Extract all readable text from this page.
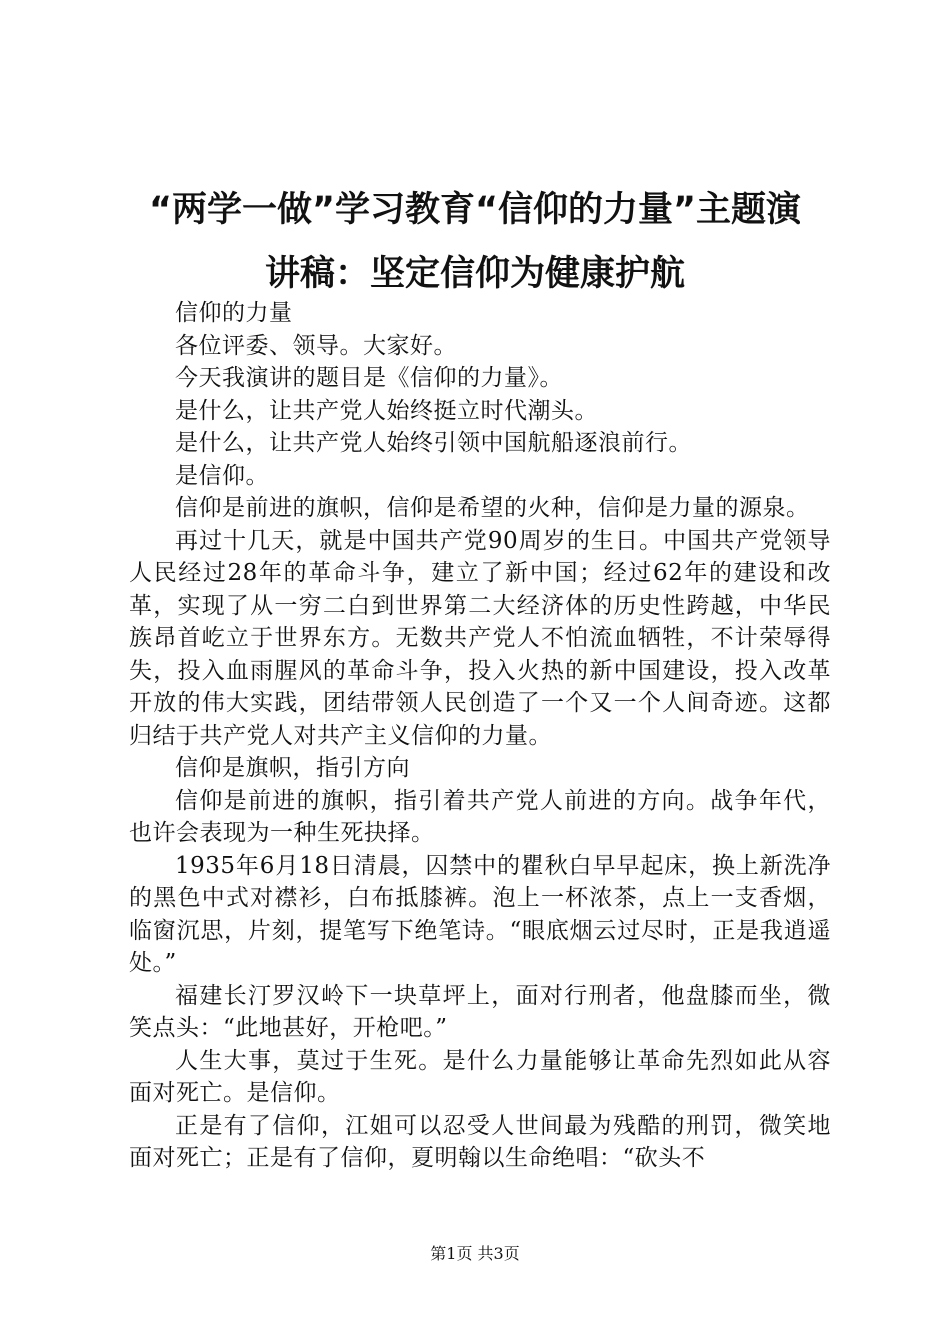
“两学一做”学习教育“信仰的力量”主题演
讲稿：坚定信仰为健康护航

信仰的力量

各位评委、领导。大家好。

今天我演讲的题目是《信仰的力量》。

是什么，让共产党人始终挺立时代潮头。

是什么，让共产党人始终引领中国航船逐浪前行。

是信仰。

信仰是前进的旗帜，信仰是希望的火种，信仰是力量的源泉。

再过十几天，就是中国共产党90周岁的生日。中国共产党领导人民经过28年的革命斗争，建立了新中国；经过62年的建设和改革，实现了从一穷二白到世界第二大经济体的历史性跨越，中华民族昂首屹立于世界东方。无数共产党人不怕流血牺牲，不计荣辱得失，投入血雨腥风的革命斗争，投入火热的新中国建设，投入改革开放的伟大实践，团结带领人民创造了一个又一个人间奇迹。这都归结于共产党人对共产主义信仰的力量。

信仰是旗帜，指引方向

信仰是前进的旗帜，指引着共产党人前进的方向。战争年代，也许会表现为一种生死抉择。

1935年6月18日清晨，囚禁中的瞿秋白早早起床，换上新洗净的黑色中式对襟衫，白布抵膝裤。泡上一杯浓茶，点上一支香烟，临窗沉思，片刻，提笔写下绝笔诗。“眼底烟云过尽时，正是我逍遥处。”

福建长汀罗汉岭下一块草坪上，面对行刑者，他盘膝而坐，微笑点头：“此地甚好，开枪吧。”

人生大事，莫过于生死。是什么力量能够让革命先烈如此从容面对死亡。是信仰。

正是有了信仰，江姐可以忍受人世间最为残酷的刑罚，微笑地面对死亡；正是有了信仰，夏明翰以生命绝唱：“砍头不

第1页 共3页
